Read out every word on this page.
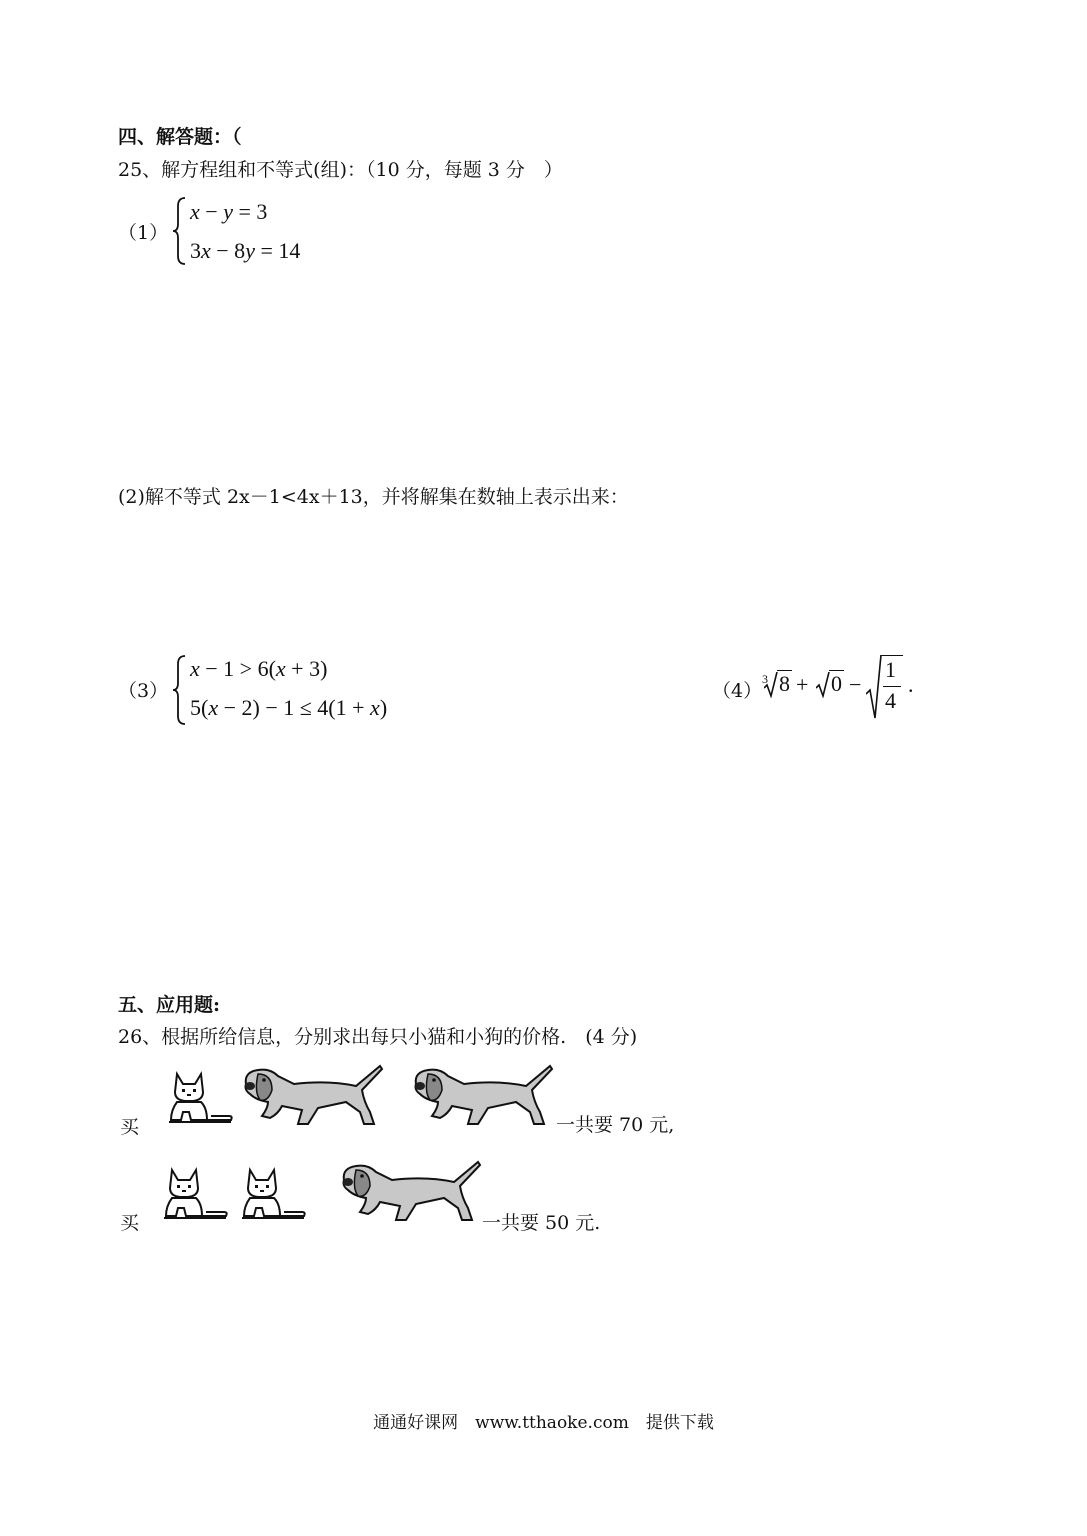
四、解答题：（
25、解方程组和不等式(组)：（10 分，每题 3 分　）
（1）
x − y = 3
3x − 8y = 14
(2)解不等式 2x－1<4x＋13，并将解集在数轴上表示出来：
（3）
x − 1 > 6(x + 3)
5(x − 2) − 1 ≤ 4(1 + x)
（4）
3 8 + 0 −
1
4
.
五、应用题:
26、根据所给信息，分别求出每只小猫和小狗的价格.　(4 分)
买	一共要 70 元,
买	一共要 50 元.
通通好课网　www.tthaoke.com　提供下载
